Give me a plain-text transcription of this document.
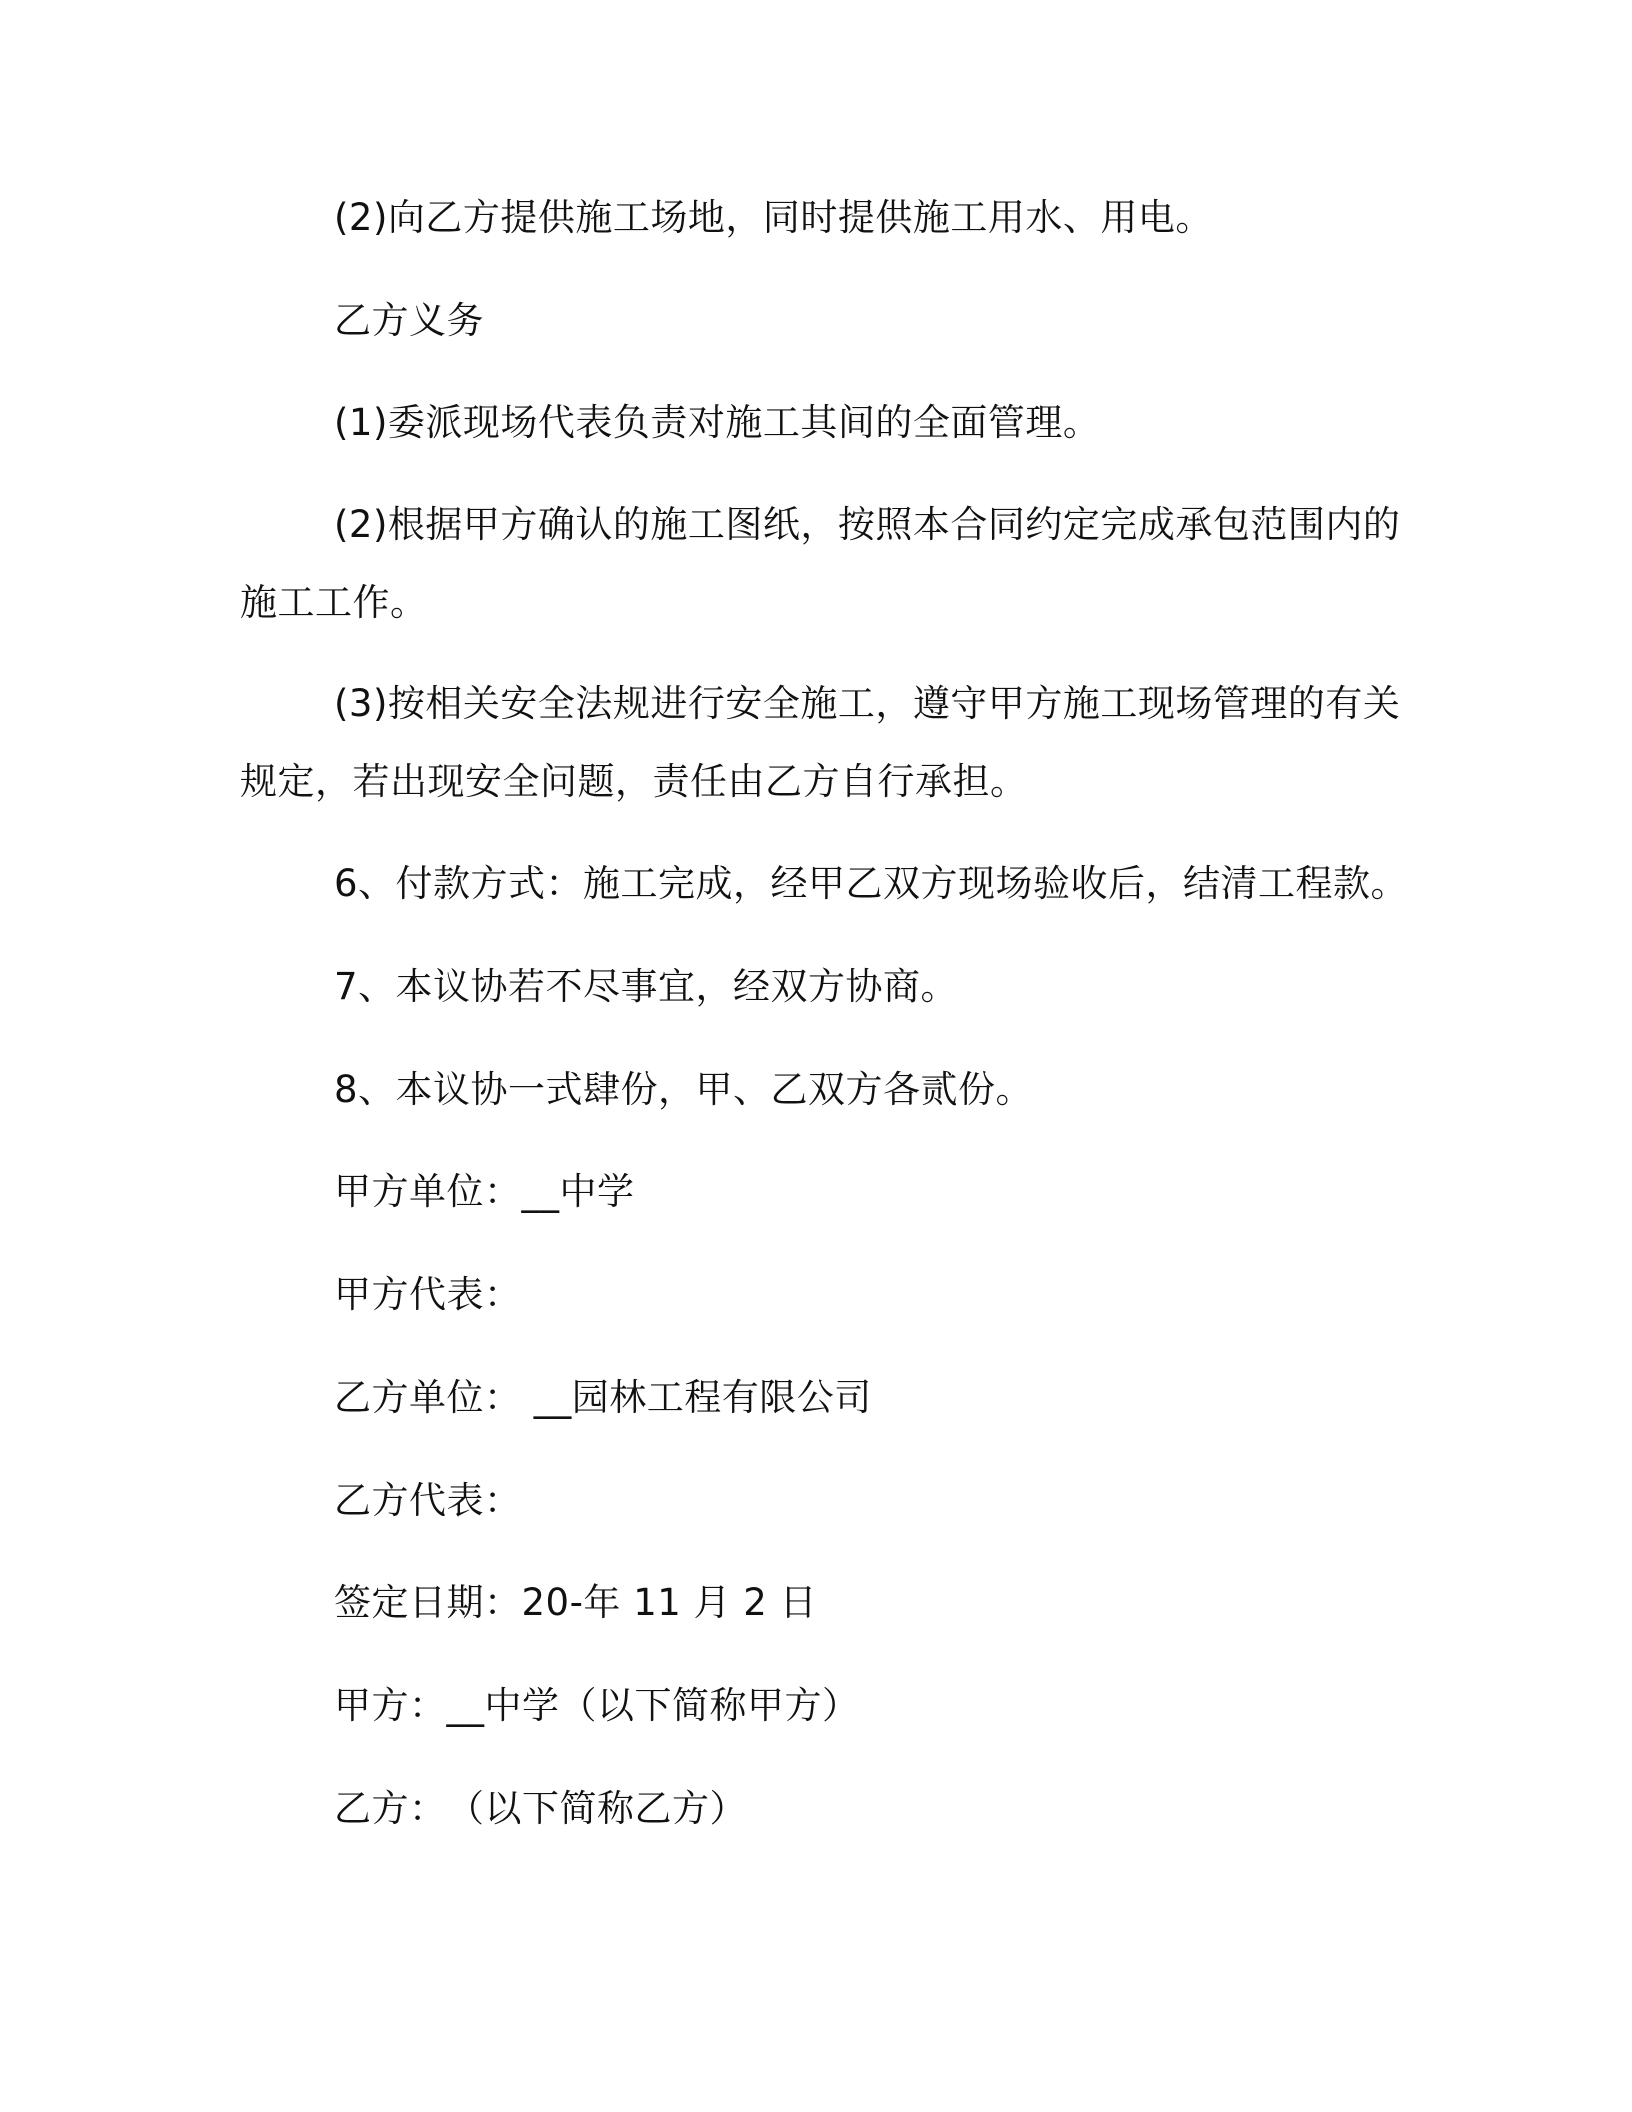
(2)向乙方提供施工场地，同时提供施工用水、用电。
乙方义务
(1)委派现场代表负责对施工其间的全面管理。
(2)根据甲方确认的施工图纸，按照本合同约定完成承包范围内的
施工工作。
(3)按相关安全法规进行安全施工，遵守甲方施工现场管理的有关
规定，若出现安全问题，责任由乙方自行承担。
6、付款方式：施工完成，经甲乙双方现场验收后，结清工程款。
7、本议协若不尽事宜，经双方协商。
8、本议协一式肆份，甲、乙双方各贰份。
甲方单位：__中学
甲方代表：
乙方单位： __园林工程有限公司
乙方代表：
签定日期：20-年 11 月 2 日
甲方：__中学（以下简称甲方）
乙方：　（以下简称乙方）
